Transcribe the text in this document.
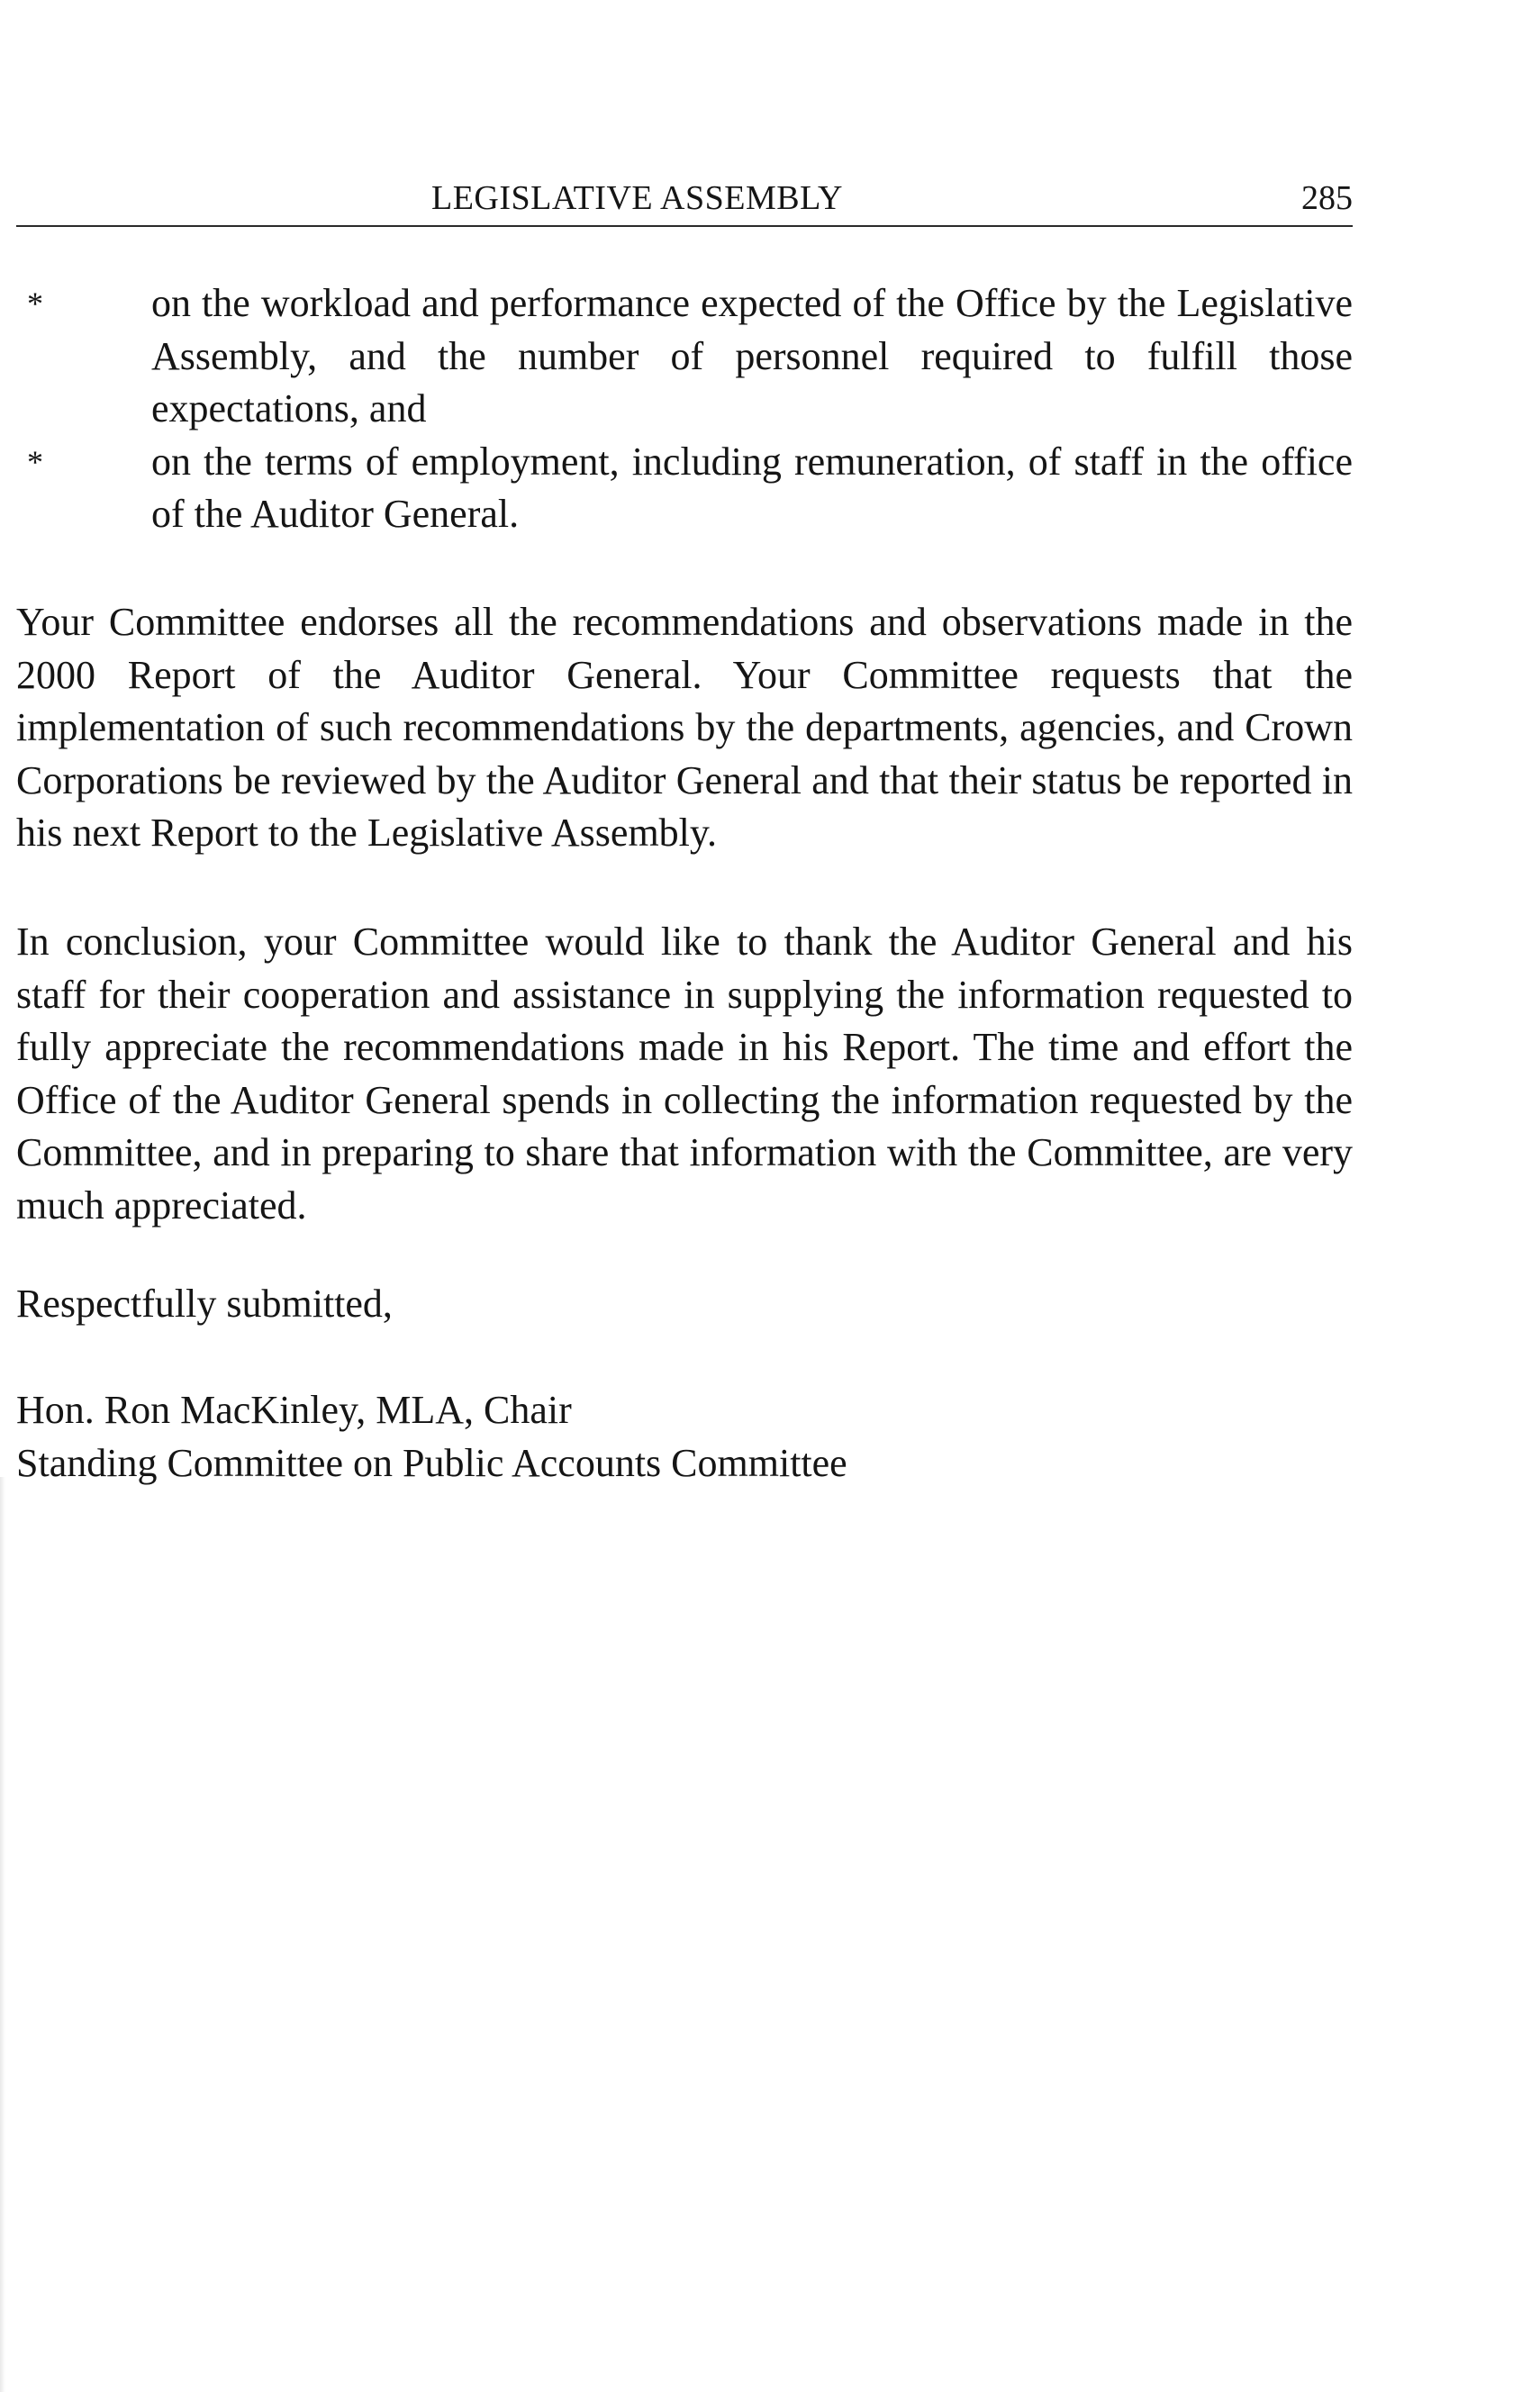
LEGISLATIVE ASSEMBLY	285
*	on the workload and performance expected of the Office by the Legislative Assembly, and the number of personnel required to fulfill those expectations, and
*	on the terms of employment, including remuneration, of staff in the office of the Auditor General.

Your Committee endorses all the recommendations and observations made in the 2000 Report of the Auditor General. Your Committee requests that the implementation of such recommendations by the departments, agencies, and Crown Corporations be reviewed by the Auditor General and that their status be reported in his next Report to the Legislative Assembly.

In conclusion, your Committee would like to thank the Auditor General and his staff for their cooperation and assistance in supplying the information requested to fully appreciate the recommendations made in his Report. The time and effort the Office of the Auditor General spends in collecting the information requested by the Committee, and in preparing to share that information with the Committee, are very much appreciated.

Respectfully submitted,

Hon. Ron MacKinley, MLA, Chair
Standing Committee on Public Accounts Committee
